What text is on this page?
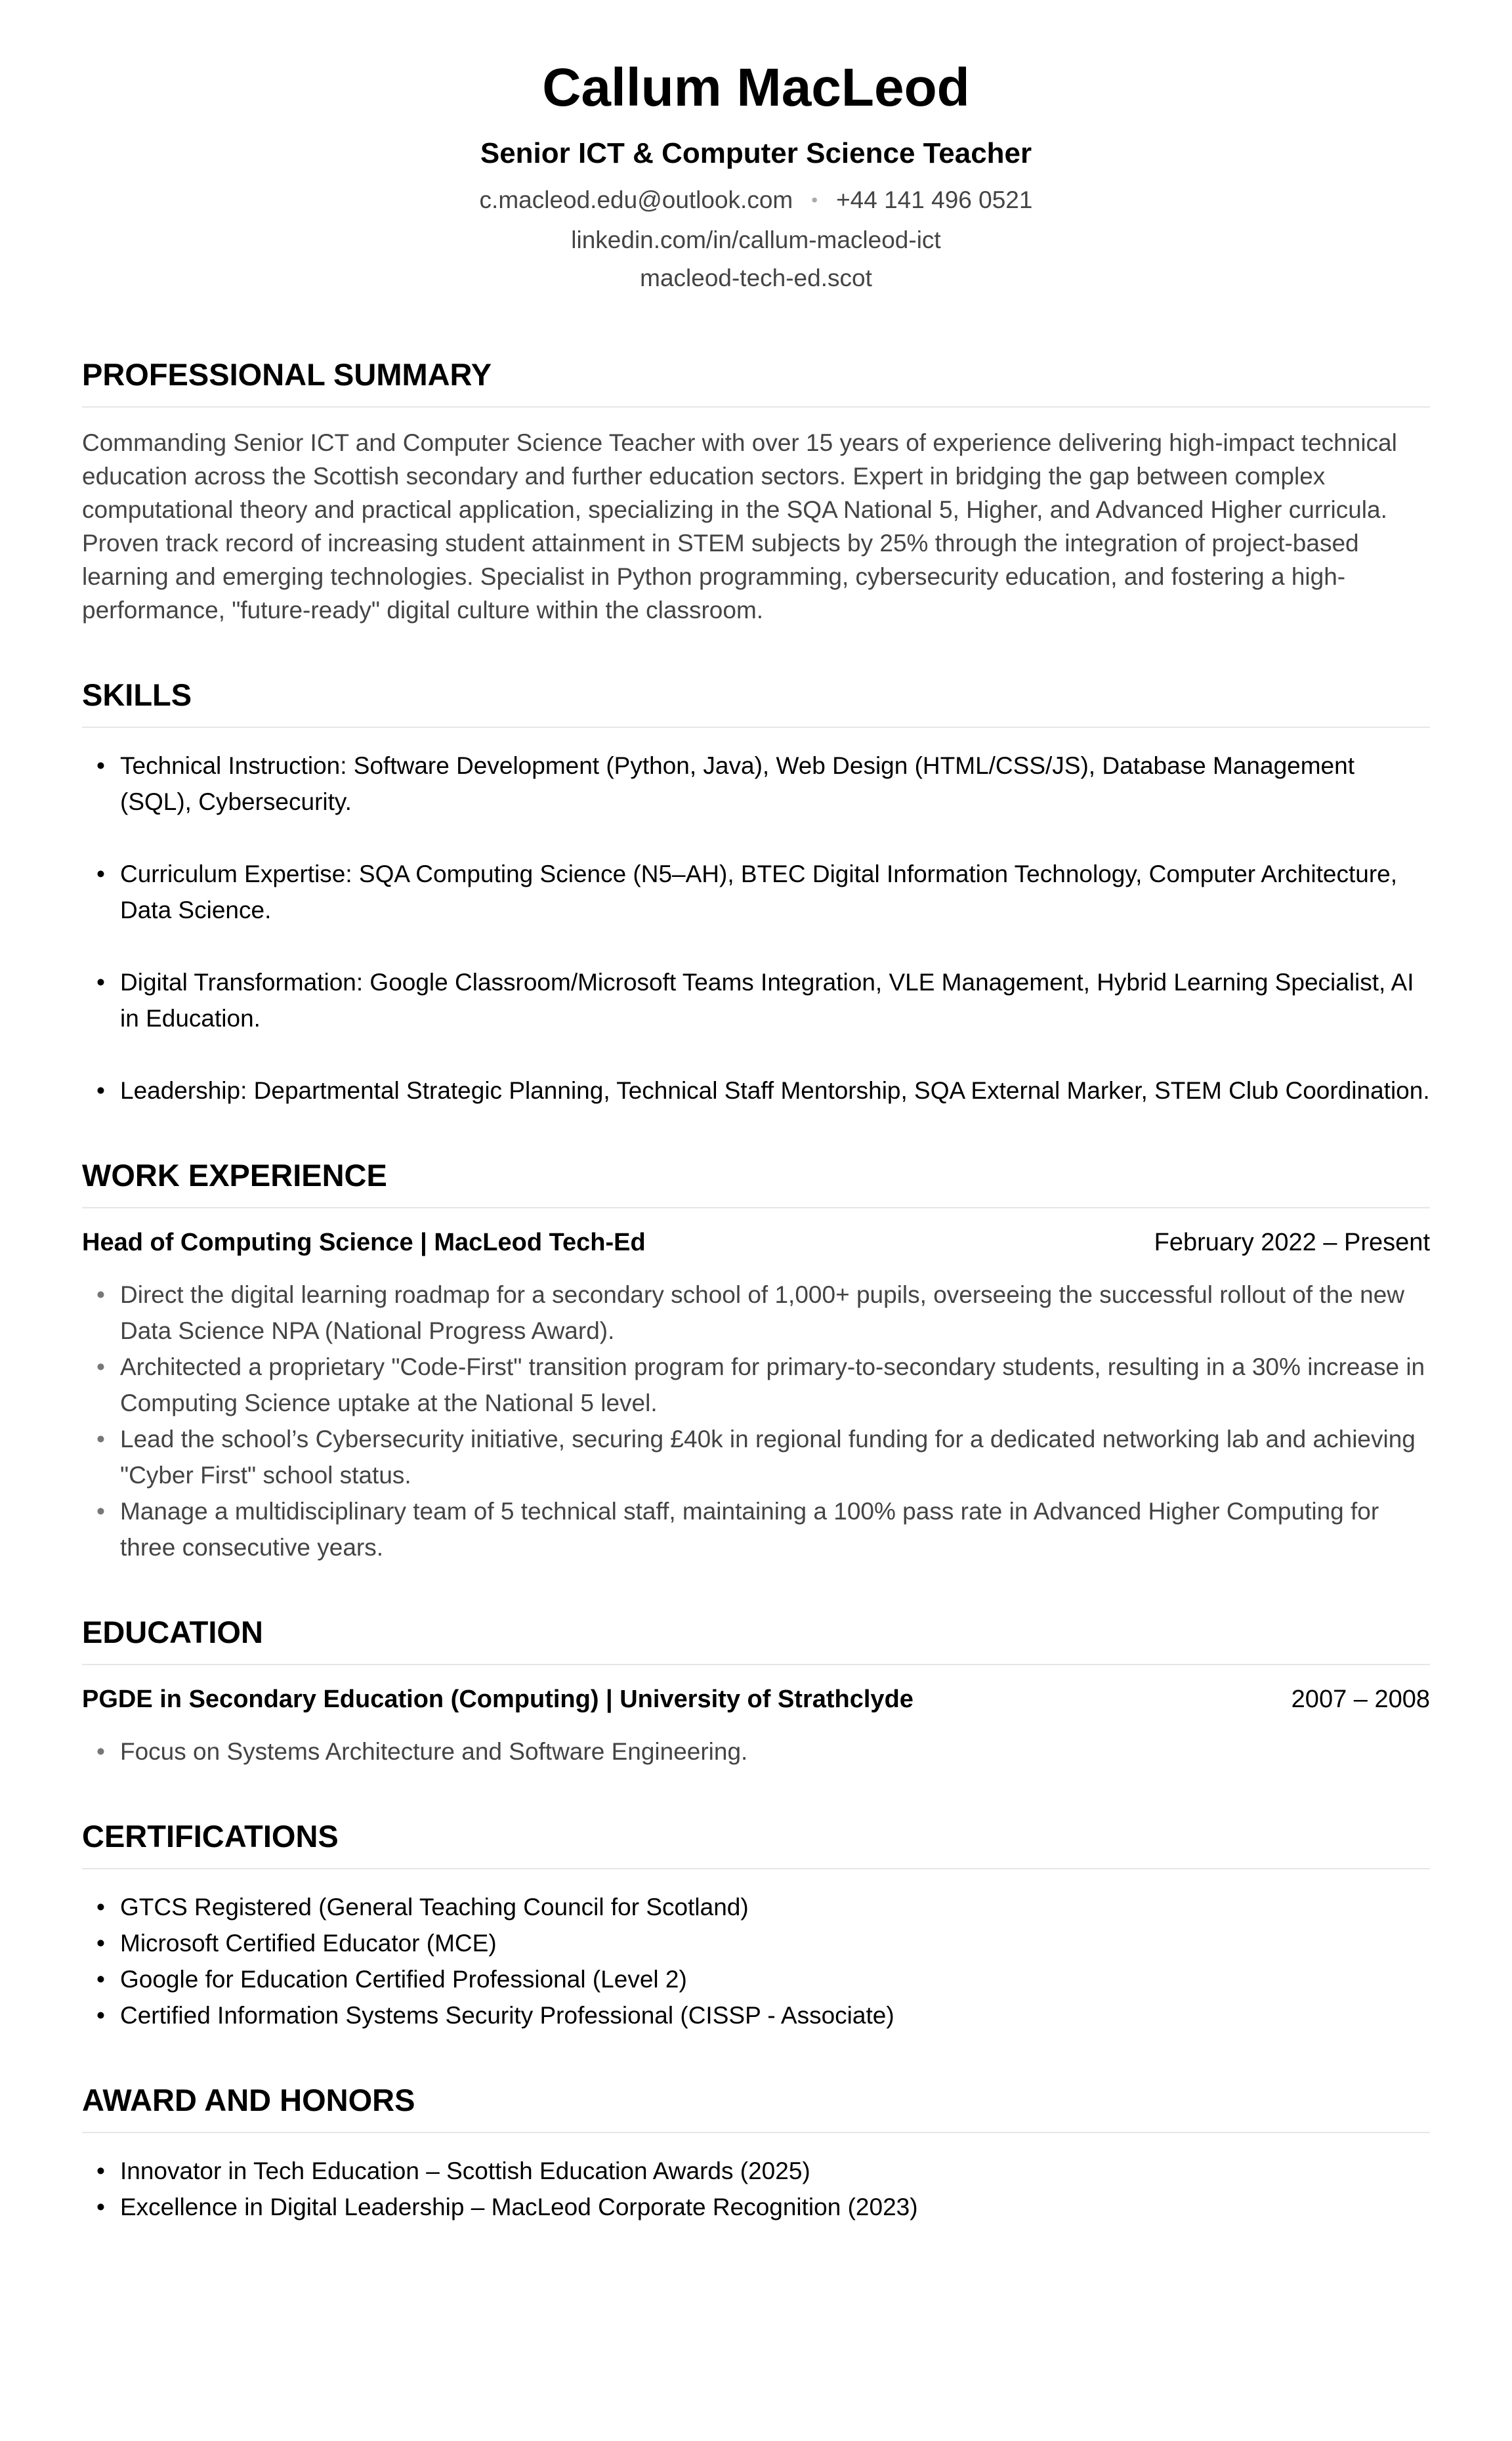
Callum MacLeod
Senior ICT & Computer Science Teacher
c.macleod.edu@outlook.com • +44 141 496 0521
linkedin.com/in/callum-macleod-ict
macleod-tech-ed.scot
PROFESSIONAL SUMMARY
Commanding Senior ICT and Computer Science Teacher with over 15 years of experience delivering high-impact technical education across the Scottish secondary and further education sectors. Expert in bridging the gap between complex computational theory and practical application, specializing in the SQA National 5, Higher, and Advanced Higher curricula. Proven track record of increasing student attainment in STEM subjects by 25% through the integration of project-based learning and emerging technologies. Specialist in Python programming, cybersecurity education, and fostering a high-performance, "future-ready" digital culture within the classroom.
SKILLS
• Technical Instruction: Software Development (Python, Java), Web Design (HTML/CSS/JS), Database Management (SQL), Cybersecurity.
• Curriculum Expertise: SQA Computing Science (N5–AH), BTEC Digital Information Technology, Computer Architecture, Data Science.
• Digital Transformation: Google Classroom/Microsoft Teams Integration, VLE Management, Hybrid Learning Specialist, AI in Education.
• Leadership: Departmental Strategic Planning, Technical Staff Mentorship, SQA External Marker, STEM Club Coordination.
WORK EXPERIENCE
Head of Computing Science | MacLeod Tech-Ed	February 2022 – Present
• Direct the digital learning roadmap for a secondary school of 1,000+ pupils, overseeing the successful rollout of the new Data Science NPA (National Progress Award).
• Architected a proprietary "Code-First" transition program for primary-to-secondary students, resulting in a 30% increase in Computing Science uptake at the National 5 level.
• Lead the school’s Cybersecurity initiative, securing £40k in regional funding for a dedicated networking lab and achieving "Cyber First" school status.
• Manage a multidisciplinary team of 5 technical staff, maintaining a 100% pass rate in Advanced Higher Computing for three consecutive years.
EDUCATION
PGDE in Secondary Education (Computing) | University of Strathclyde	2007 – 2008
• Focus on Systems Architecture and Software Engineering.
CERTIFICATIONS
• GTCS Registered (General Teaching Council for Scotland)
• Microsoft Certified Educator (MCE)
• Google for Education Certified Professional (Level 2)
• Certified Information Systems Security Professional (CISSP - Associate)
AWARD AND HONORS
• Innovator in Tech Education – Scottish Education Awards (2025)
• Excellence in Digital Leadership – MacLeod Corporate Recognition (2023)
